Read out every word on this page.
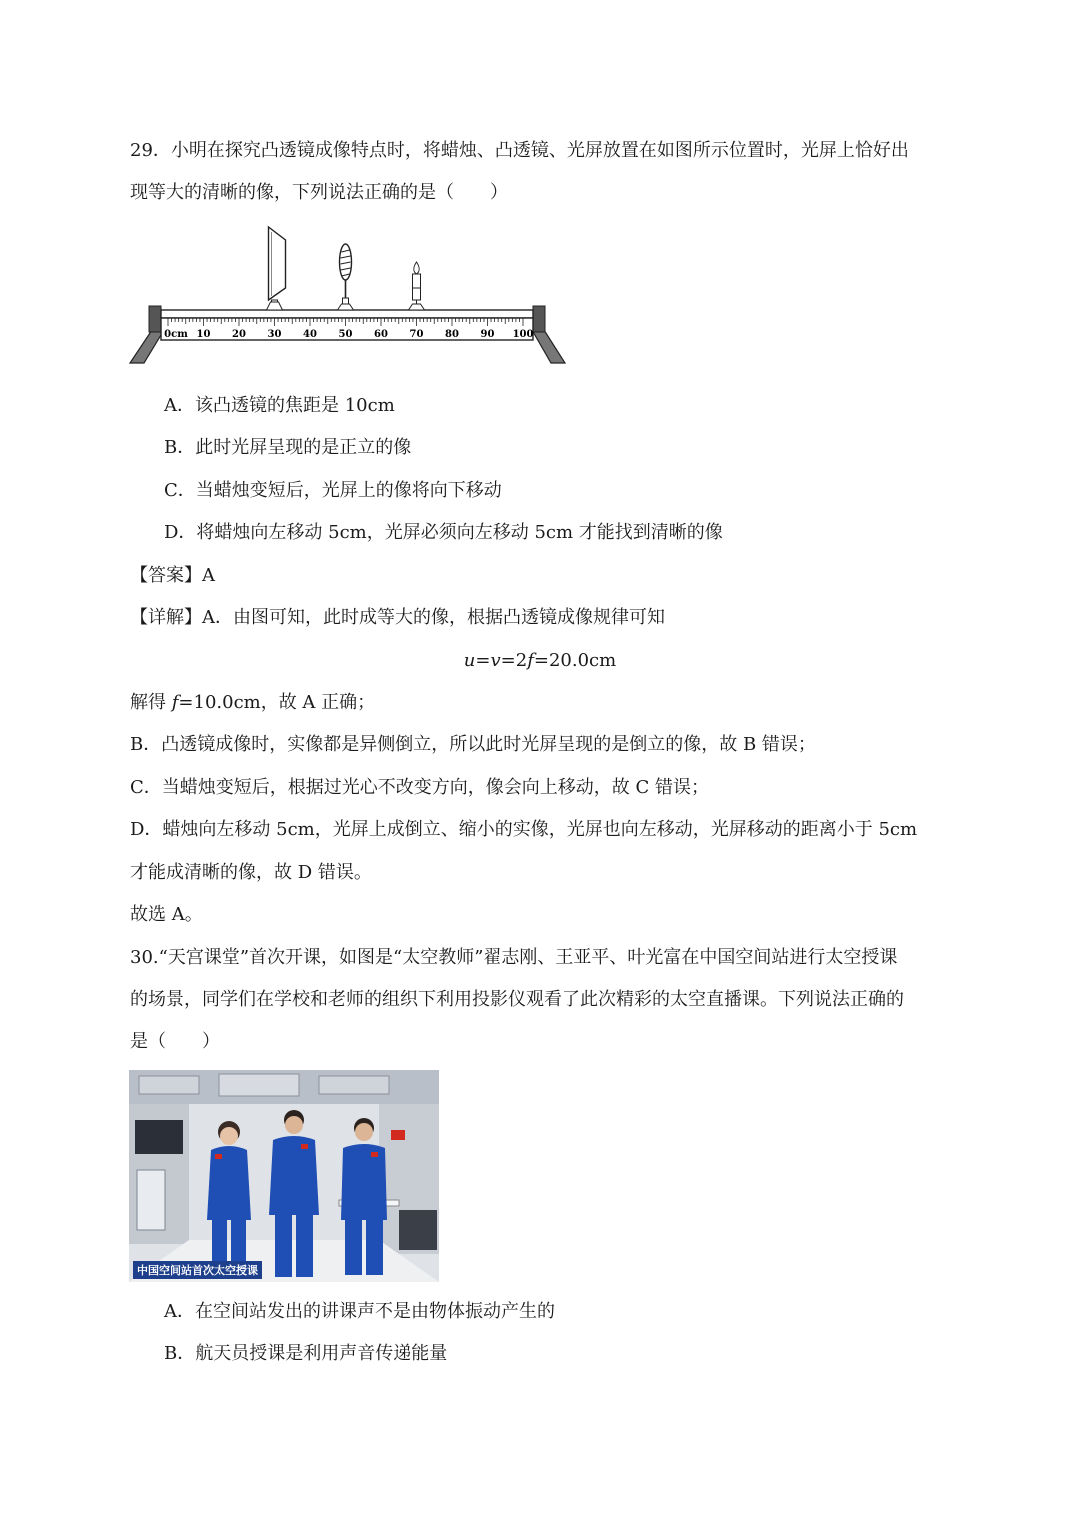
29．小明在探究凸透镜成像特点时，将蜡烛、凸透镜、光屏放置在如图所示位置时，光屏上恰好出
现等大的清晰的像，下列说法正确的是（　　）
0cm 10 20 30 40 50 60 70 80 90 100
A．该凸透镜的焦距是 10cm
B．此时光屏呈现的是正立的像
C．当蜡烛变短后，光屏上的像将向下移动
D．将蜡烛向左移动 5cm，光屏必须向左移动 5cm 才能找到清晰的像
【答案】A
【详解】A．由图可知，此时成等大的像，根据凸透镜成像规律可知
u=v=2f=20.0cm
解得 f=10.0cm，故 A 正确；
B．凸透镜成像时，实像都是异侧倒立，所以此时光屏呈现的是倒立的像，故 B 错误；
C．当蜡烛变短后，根据过光心不改变方向，像会向上移动，故 C 错误；
D．蜡烛向左移动 5cm，光屏上成倒立、缩小的实像，光屏也向左移动，光屏移动的距离小于 5cm
才能成清晰的像，故 D 错误。
故选 A。
30.“天宫课堂”首次开课，如图是“太空教师”翟志刚、王亚平、叶光富在中国空间站进行太空授课
的场景，同学们在学校和老师的组织下利用投影仪观看了此次精彩的太空直播课。下列说法正确的
是（　　）
中国空间站首次太空授课
A．在空间站发出的讲课声不是由物体振动产生的
B．航天员授课是利用声音传递能量
